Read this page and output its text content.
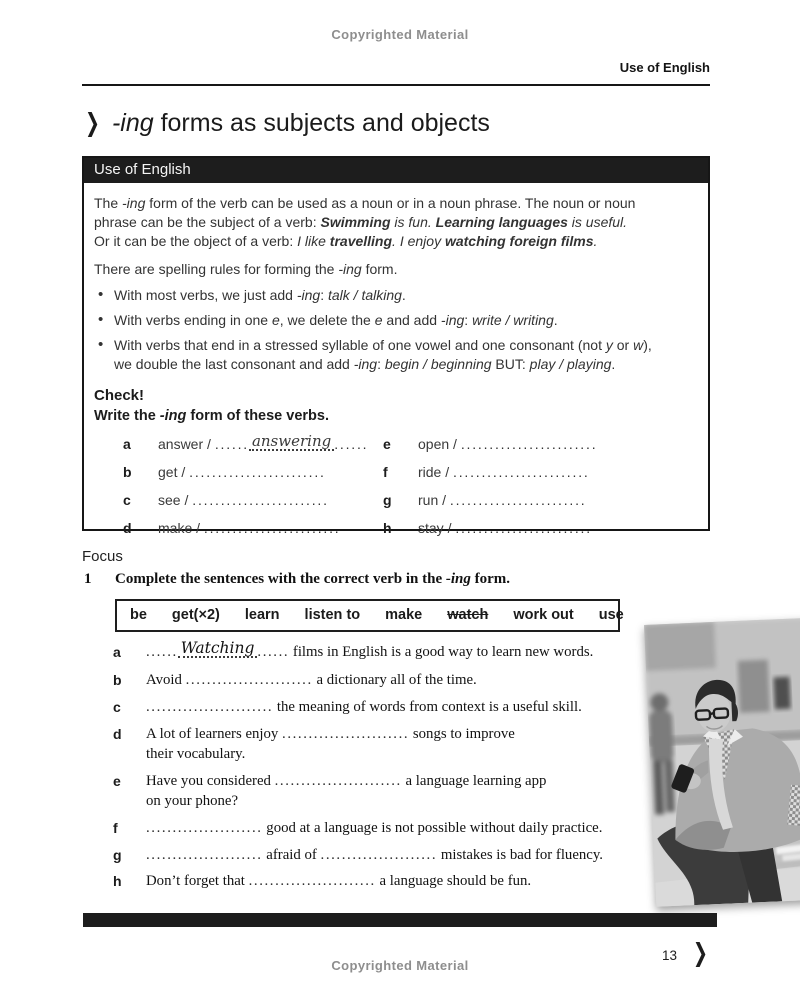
Copyrighted Material
Use of English
❯ -ing forms as subjects and objects
Use of English

The -ing form of the verb can be used as a noun or in a noun phrase. The noun or noun
phrase can be the subject of a verb: Swimming is fun. Learning languages is useful.
Or it can be the object of a verb: I like travelling. I enjoy watching foreign films.

There are spelling rules for forming the -ing form.

• With most verbs, we just add -ing: talk / talking.
• With verbs ending in one e, we delete the e and add -ing: write / writing.
• With verbs that end in a stressed syllable of one vowel and one consonant (not y or w),
we double the last consonant and add -ing: begin / beginning BUT: play / playing.
Check!
Write the -ing form of these verbs.
a	answer / ...... answering ......
b	get / ........................
c	see / ........................
d	make / ........................
e	open / ........................
f	ride / ........................
g	run / ........................
h	stay / ........................
Focus
1	Complete the sentences with the correct verb in the -ing form.
be get(×2) learn listen to make watch work out use
a	...... Watching ...... films in English is a good way to learn new words.
b	Avoid ........................ a dictionary all of the time.
c	........................ the meaning of words from context is a useful skill.
d	A lot of learners enjoy ........................ songs to improve
their vocabulary.
e	Have you considered ........................ a language learning app
on your phone?
f	...................... good at a language is not possible without daily practice.
g	...................... afraid of ...................... mistakes is bad for fluency.
h	Don’t forget that ........................ a language should be fun.
13 ❯
Copyrighted Material
